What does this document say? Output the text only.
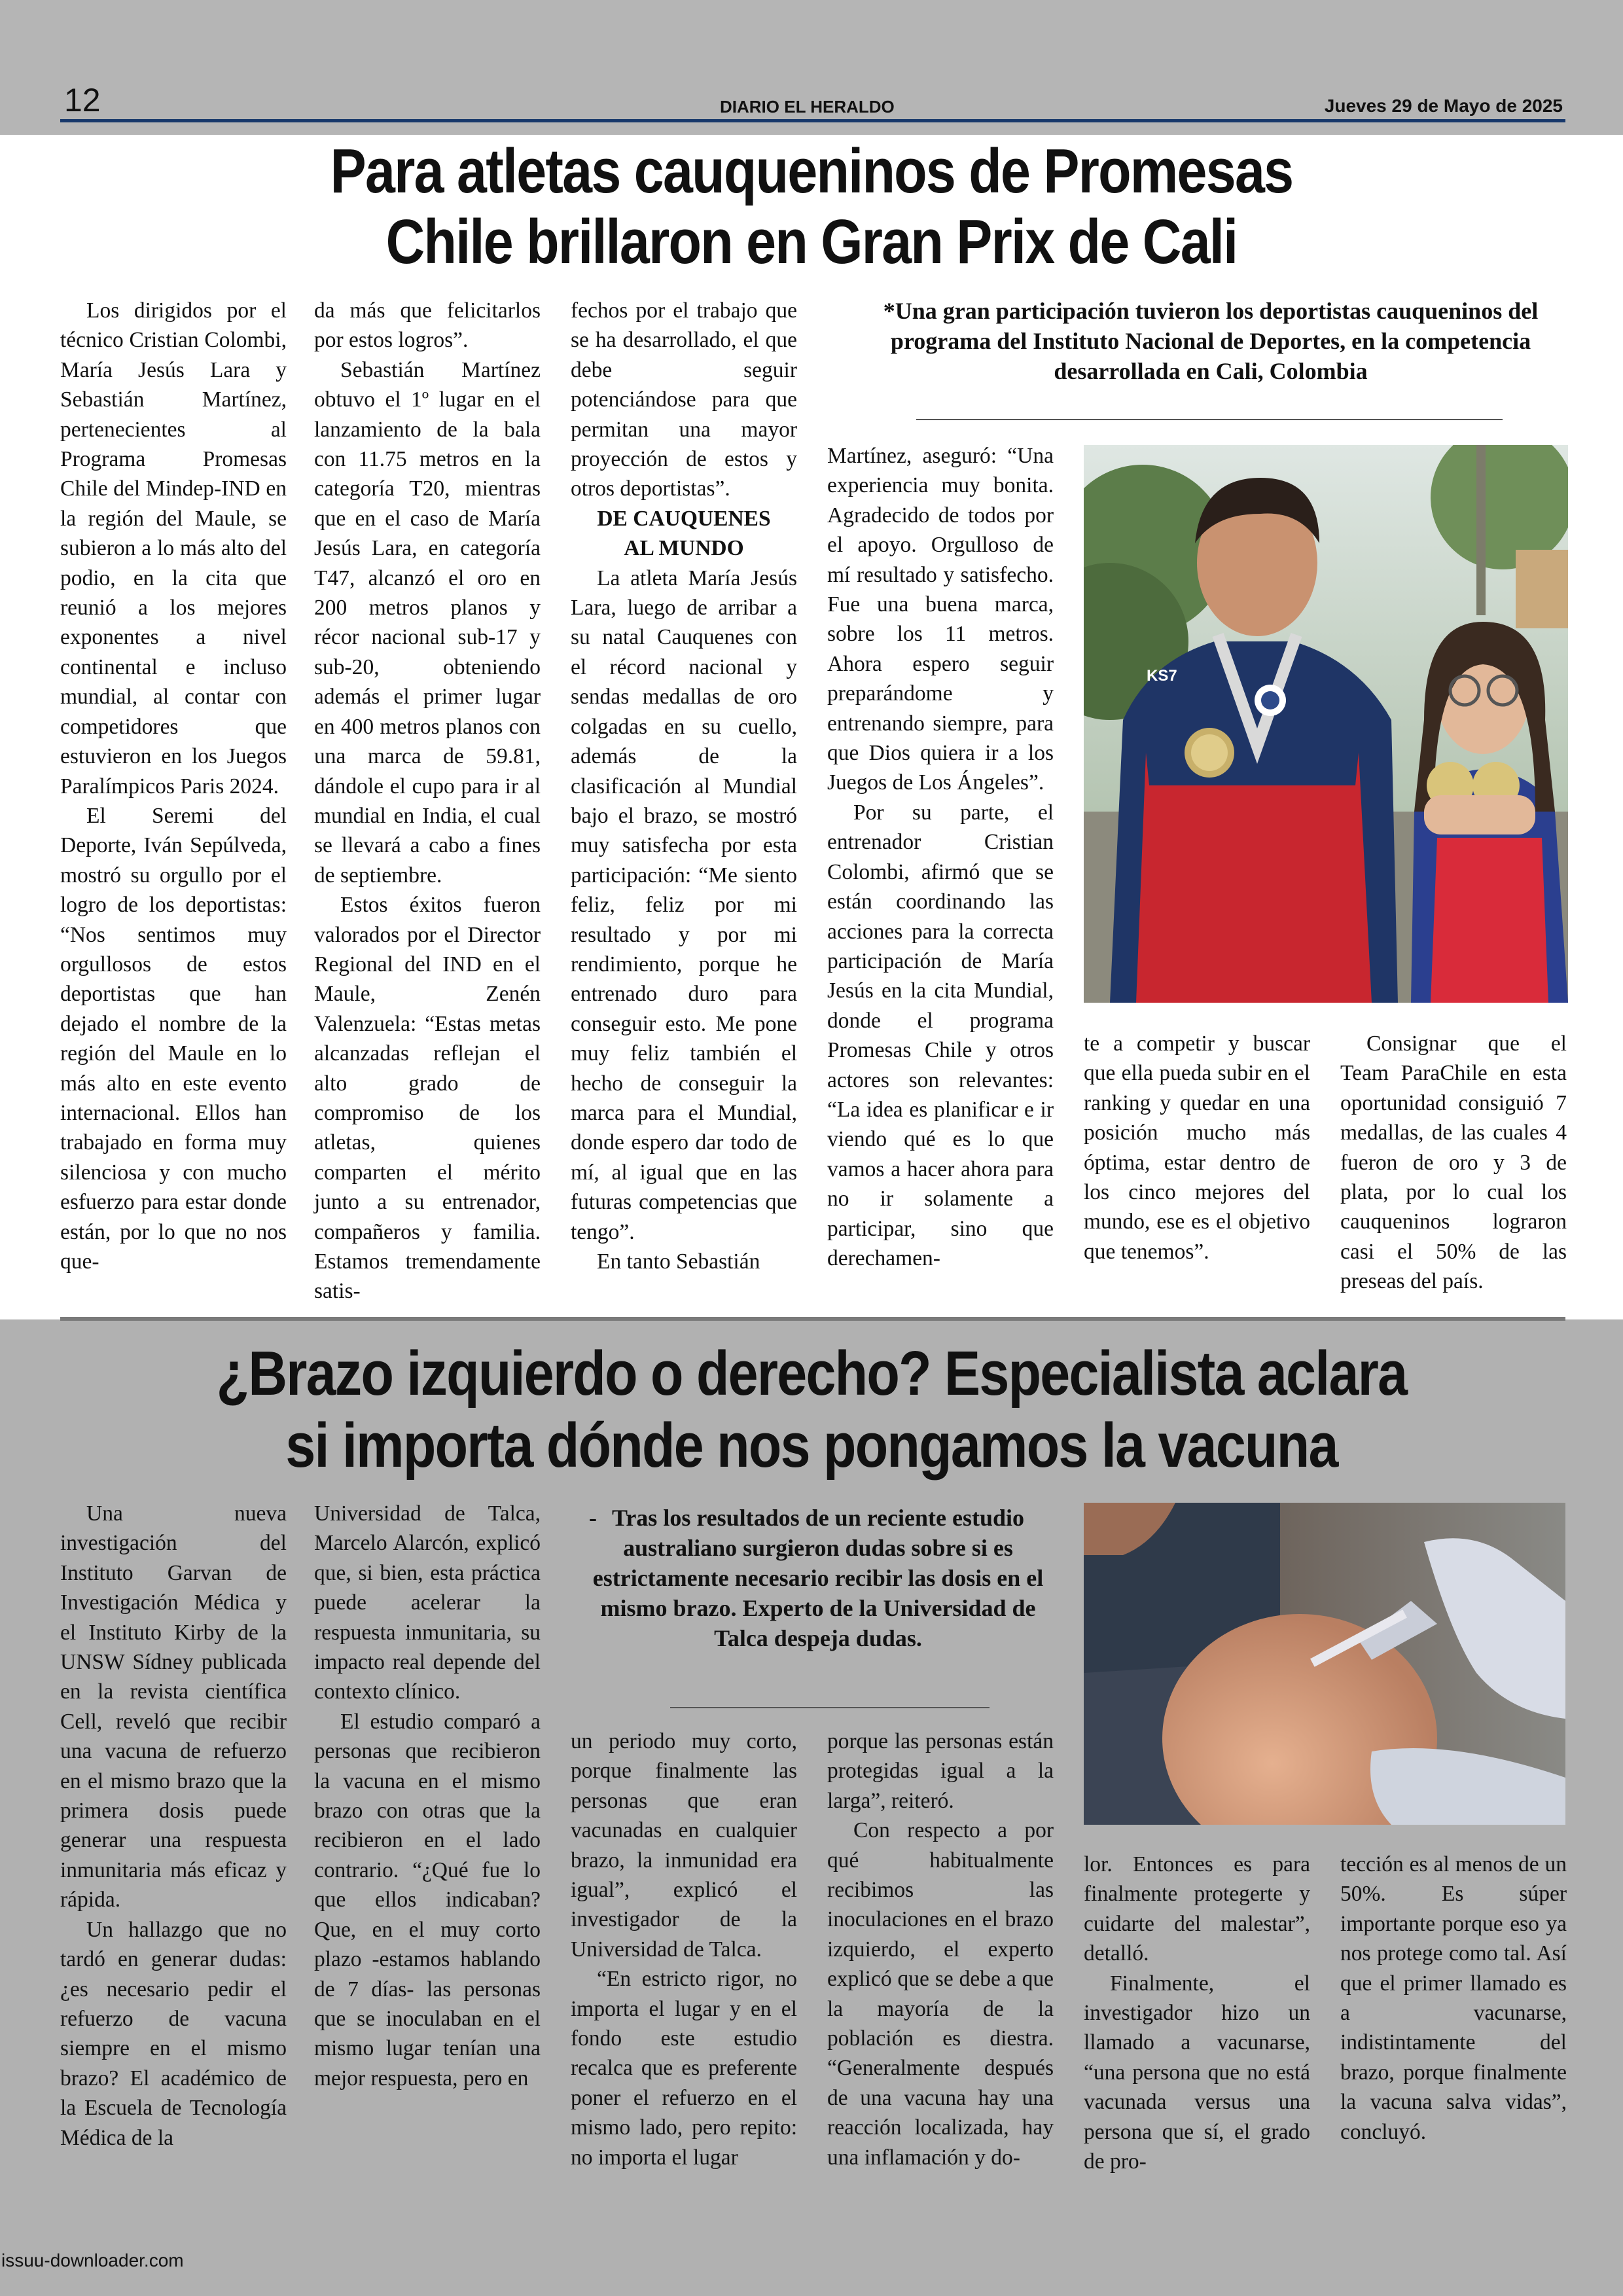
12	DIARIO EL HERALDO	Jueves 29 de Mayo de 2025
Para atletas cauqueninos de Promesas
Chile brillaron en Gran Prix de Cali

Los dirigidos por el técnico Cristian Colombi, María Jesús Lara y Sebastián Martínez, pertenecientes al Programa Promesas Chile del Mindep-IND en la región del Maule, se subieron a lo más alto del podio, en la cita que reunió a los mejores exponentes a nivel continental e incluso mundial, al contar con competidores que estuvieron en los Juegos Paralímpicos Paris 2024.

El Seremi del Deporte, Iván Sepúlveda, mostró su orgullo por el logro de los deportistas: “Nos sentimos muy orgullosos de estos deportistas que han dejado el nombre de la región del Maule en lo más alto en este evento internacional. Ellos han trabajado en forma muy silenciosa y con mucho esfuerzo para estar donde están, por lo que no nos que-

da más que felicitarlos por estos logros”.

Sebastián Martínez obtuvo el 1º lugar en el lanzamiento de la bala con 11.75 metros en la categoría T20, mientras que en el caso de María Jesús Lara, en categoría T47, alcanzó el oro en 200 metros planos y récor nacional sub-17 y sub-20, obteniendo además el primer lugar en 400 metros planos con una marca de 59.81, dándole el cupo para ir al mundial en India, el cual se llevará a cabo a fines de septiembre.

Estos éxitos fueron valorados por el Director Regional del IND en el Maule, Zenén Valenzuela: “Estas metas alcanzadas reflejan el alto grado de compromiso de los atletas, quienes comparten el mérito junto a su entrenador, compañeros y familia. Estamos tremendamente satis-

fechos por el trabajo que se ha desarrollado, el que debe seguir potenciándose para que permitan una mayor proyección de estos y otros deportistas”.

DE CAUQUENES AL MUNDO

La atleta María Jesús Lara, luego de arribar a su natal Cauquenes con el récord nacional y sendas medallas de oro colgadas en su cuello, además de la clasificación al Mundial bajo el brazo, se mostró muy satisfecha por esta participación: “Me siento feliz, feliz por mi resultado y por mi rendimiento, porque he entrenado duro para conseguir esto. Me pone muy feliz también el hecho de conseguir la marca para el Mundial, donde espero dar todo de mí, al igual que en las futuras competencias que tengo”.

En tanto Sebastián

*Una gran participación tuvieron los deportistas cauqueninos del programa del Instituto Nacional de Deportes, en la competencia desarrollada en Cali, Colombia

Martínez, aseguró: “Una experiencia muy bonita. Agradecido de todos por el apoyo. Orgulloso de mí resultado y satisfecho. Fue una buena marca, sobre los 11 metros. Ahora espero seguir preparándome y entrenando siempre, para que Dios quiera ir a los Juegos de Los Ángeles”.

Por su parte, el entrenador Cristian Colombi, afirmó que se están coordinando las acciones para la correcta participación de María Jesús en la cita Mundial, donde el programa Promesas Chile y otros actores son relevantes: “La idea es planificar e ir viendo qué es lo que vamos a hacer ahora para no ir solamente a participar, sino que derechamen-

KS7

te a competir y buscar que ella pueda subir en el ranking y quedar en una posición mucho más óptima, estar dentro de los cinco mejores del mundo, ese es el objetivo que tenemos”.

Consignar que el Team ParaChile en esta oportunidad consiguió 7 medallas, de las cuales 4 fueron de oro y 3 de plata, por lo cual los cauqueninos lograron casi el 50% de las preseas del país.

¿Brazo izquierdo o derecho? Especialista aclara
si importa dónde nos pongamos la vacuna

Una nueva investigación del Instituto Garvan de Investigación Médica y el Instituto Kirby de la UNSW Sídney publicada en la revista científica Cell, reveló que recibir una vacuna de refuerzo en el mismo brazo que la primera dosis puede generar una respuesta inmunitaria más eficaz y rápida.

Un hallazgo que no tardó en generar dudas: ¿es necesario pedir el refuerzo de vacuna siempre en el mismo brazo? El académico de la Escuela de Tecnología Médica de la

Universidad de Talca, Marcelo Alarcón, explicó que, si bien, esta práctica puede acelerar la respuesta inmunitaria, su impacto real depende del contexto clínico.

El estudio comparó a personas que recibieron la vacuna en el mismo brazo con otras que la recibieron en el lado contrario. “¿Qué fue lo que ellos indicaban? Que, en el muy corto plazo -estamos hablando de 7 días- las personas que se inoculaban en el mismo lugar tenían una mejor respuesta, pero en

- Tras los resultados de un reciente estudio australiano surgieron dudas sobre si es estrictamente necesario recibir las dosis en el mismo brazo. Experto de la Universidad de Talca despeja dudas.

un periodo muy corto, porque finalmente las personas que eran vacunadas en cualquier brazo, la inmunidad era igual”, explicó el investigador de la Universidad de Talca.

“En estricto rigor, no importa el lugar y en el fondo este estudio recalca que es preferente poner el refuerzo en el mismo lado, pero repito: no importa el lugar

porque las personas están protegidas igual a la larga”, reiteró.

Con respecto a por qué habitualmente recibimos las inoculaciones en el brazo izquierdo, el experto explicó que se debe a que la mayoría de la población es diestra. “Generalmente después de una vacuna hay una reacción localizada, hay una inflamación y do-

lor. Entonces es para finalmente protegerte y cuidarte del malestar”, detalló.

Finalmente, el investigador hizo un llamado a vacunarse, “una persona que no está vacunada versus una persona que sí, el grado de pro-

tección es al menos de un 50%. Es súper importante porque eso ya nos protege como tal. Así que el primer llamado es a vacunarse, indistintamente del brazo, porque finalmente la vacuna salva vidas”, concluyó.

issuu-downloader.com
